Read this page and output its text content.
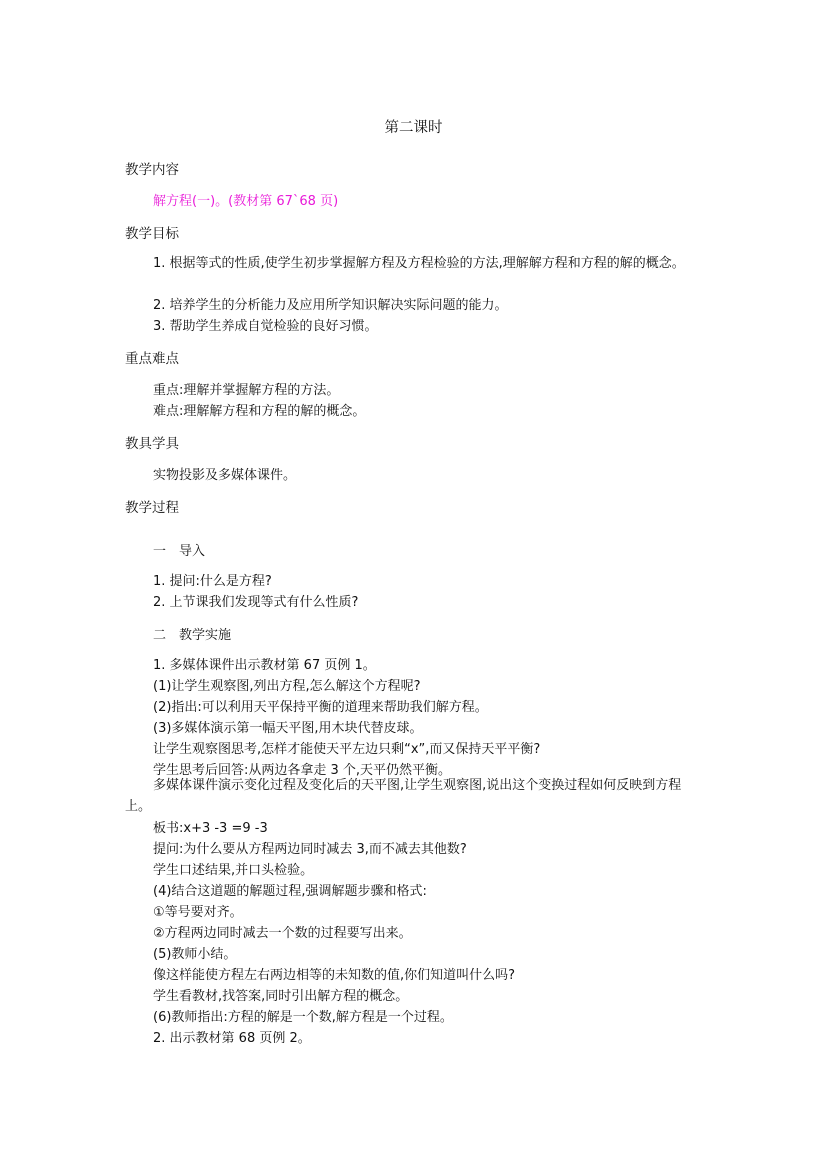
第二课时
教学内容
解方程(一)。(教材第 67`68 页)
教学目标
1. 根据等式的性质,使学生初步掌握解方程及方程检验的方法,理解解方程和方程的解的概念。
2. 培养学生的分析能力及应用所学知识解决实际问题的能力。
3. 帮助学生养成自觉检验的良好习惯。
重点难点
重点:理解并掌握解方程的方法。
难点:理解解方程和方程的解的概念。
教具学具
实物投影及多媒体课件。
教学过程
一　导入
1. 提问:什么是方程?
2. 上节课我们发现等式有什么性质?
二　教学实施
1. 多媒体课件出示教材第 67 页例 1。
(1)让学生观察图,列出方程,怎么解这个方程呢?
(2)指出:可以利用天平保持平衡的道理来帮助我们解方程。
(3)多媒体演示第一幅天平图,用木块代替皮球。
让学生观察图思考,怎样才能使天平左边只剩“x”,而又保持天平平衡?
学生思考后回答:从两边各拿走 3 个,天平仍然平衡。
多媒体课件演示变化过程及变化后的天平图,让学生观察图,说出这个变换过程如何反映到方程上。
板书:x+3 -3 =9 -3
提问:为什么要从方程两边同时减去 3,而不减去其他数?
学生口述结果,并口头检验。
(4)结合这道题的解题过程,强调解题步骤和格式:
①等号要对齐。
②方程两边同时减去一个数的过程要写出来。
(5)教师小结。
像这样能使方程左右两边相等的未知数的值,你们知道叫什么吗?
学生看教材,找答案,同时引出解方程的概念。
(6)教师指出:方程的解是一个数,解方程是一个过程。
2. 出示教材第 68 页例 2。
